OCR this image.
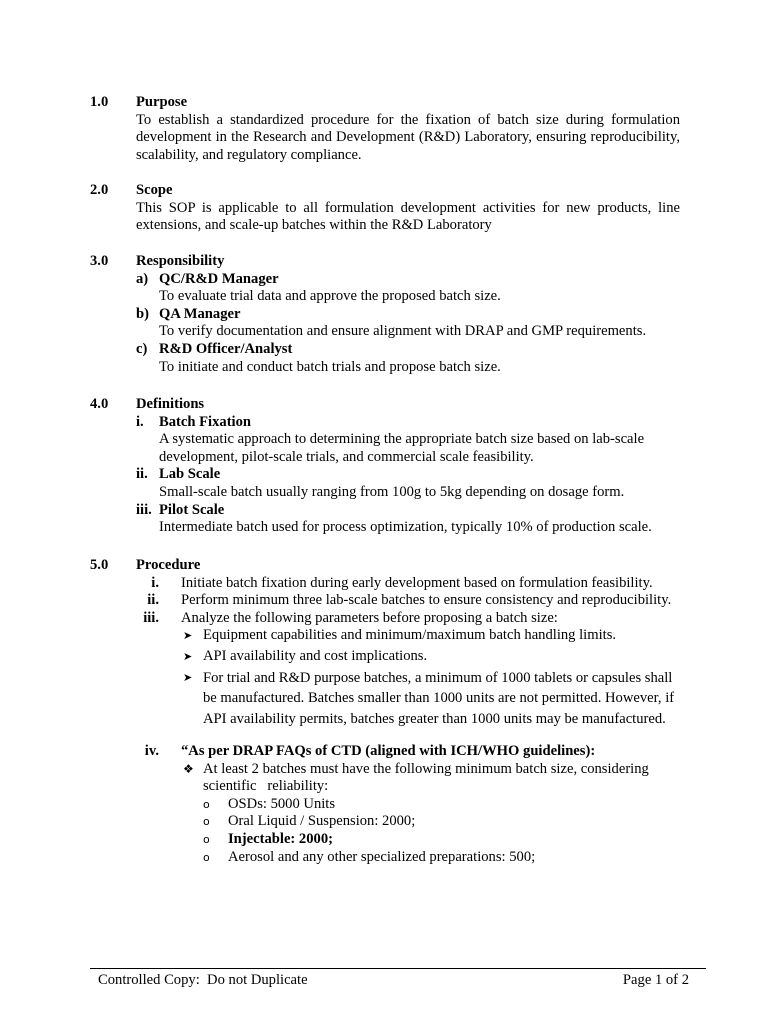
1.0 Purpose
To establish a standardized procedure for the fixation of batch size during formulation development in the Research and Development (R&D) Laboratory, ensuring reproducibility, scalability, and regulatory compliance.
2.0 Scope
This SOP is applicable to all formulation development activities for new products, line extensions, and scale-up batches within the R&D Laboratory
3.0 Responsibility
a) QC/R&D Manager
To evaluate trial data and approve the proposed batch size.
b) QA Manager
To verify documentation and ensure alignment with DRAP and GMP requirements.
c) R&D Officer/Analyst
To initiate and conduct batch trials and propose batch size.
4.0 Definitions
i. Batch Fixation
A systematic approach to determining the appropriate batch size based on lab-scale development, pilot-scale trials, and commercial scale feasibility.
ii. Lab Scale
Small-scale batch usually ranging from 100g to 5kg depending on dosage form.
iii. Pilot Scale
Intermediate batch used for process optimization, typically 10% of production scale.
5.0 Procedure
i. Initiate batch fixation during early development based on formulation feasibility.
ii. Perform minimum three lab-scale batches to ensure consistency and reproducibility.
iii. Analyze the following parameters before proposing a batch size:
➤ Equipment capabilities and minimum/maximum batch handling limits.
➤ API availability and cost implications.
➤ For trial and R&D purpose batches, a minimum of 1000 tablets or capsules shall be manufactured. Batches smaller than 1000 units are not permitted. However, if API availability permits, batches greater than 1000 units may be manufactured.
iv. “As per DRAP FAQs of CTD (aligned with ICH/WHO guidelines):
❖ At least 2 batches must have the following minimum batch size, considering scientific   reliability:
o OSDs: 5000 Units
o Oral Liquid / Suspension: 2000;
o Injectable: 2000;
o Aerosol and any other specialized preparations: 500;
Controlled Copy:  Do not Duplicate	Page 1 of 2
